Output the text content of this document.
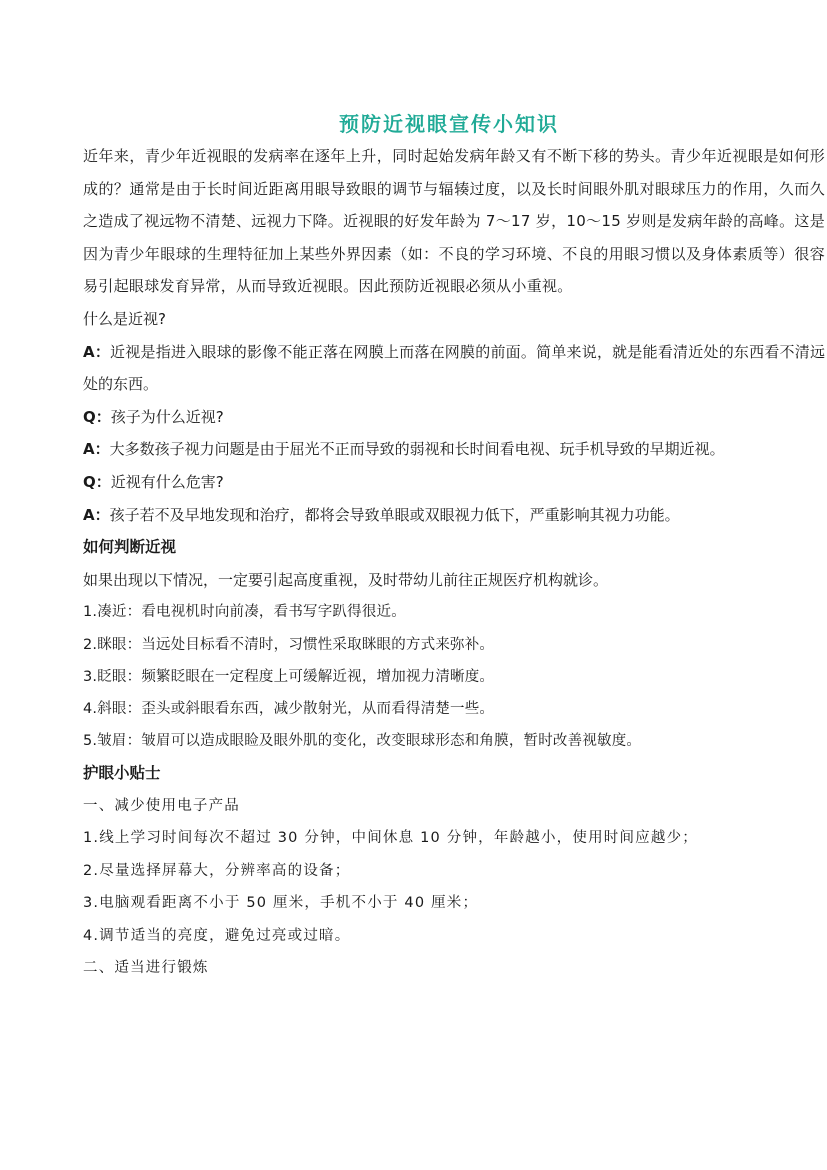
预防近视眼宣传小知识

近年来，青少年近视眼的发病率在逐年上升，同时起始发病年龄又有不断下移的势头。青少年近视眼是如何形成的？通常是由于长时间近距离用眼导致眼的调节与辐辏过度，以及长时间眼外肌对眼球压力的作用，久而久之造成了视远物不清楚、远视力下降。近视眼的好发年龄为 7～17 岁，10～15 岁则是发病年龄的高峰。这是因为青少年眼球的生理特征加上某些外界因素（如：不良的学习环境、不良的用眼习惯以及身体素质等）很容易引起眼球发育异常，从而导致近视眼。因此预防近视眼必须从小重视。

什么是近视?

A：近视是指进入眼球的影像不能正落在网膜上而落在网膜的前面。简单来说，就是能看清近处的东西看不清远处的东西。

Q：孩子为什么近视?

A：大多数孩子视力问题是由于屈光不正而导致的弱视和长时间看电视、玩手机导致的早期近视。

Q：近视有什么危害?

A：孩子若不及早地发现和治疗，都将会导致单眼或双眼视力低下，严重影响其视力功能。

如何判断近视

如果出现以下情况，一定要引起高度重视，及时带幼儿前往正规医疗机构就诊。

1.凑近：看电视机时向前凑，看书写字趴得很近。

2.眯眼：当远处目标看不清时，习惯性采取眯眼的方式来弥补。

3.眨眼：频繁眨眼在一定程度上可缓解近视，增加视力清晰度。

4.斜眼：歪头或斜眼看东西，减少散射光，从而看得清楚一些。

5.皱眉：皱眉可以造成眼睑及眼外肌的变化，改变眼球形态和角膜，暂时改善视敏度。

护眼小贴士

一、减少使用电子产品

1.线上学习时间每次不超过 30 分钟，中间休息 10 分钟，年龄越小，使用时间应越少；

2.尽量选择屏幕大，分辨率高的设备；

3.电脑观看距离不小于 50 厘米，手机不小于 40 厘米；

4.调节适当的亮度，避免过亮或过暗。

二、适当进行锻炼
